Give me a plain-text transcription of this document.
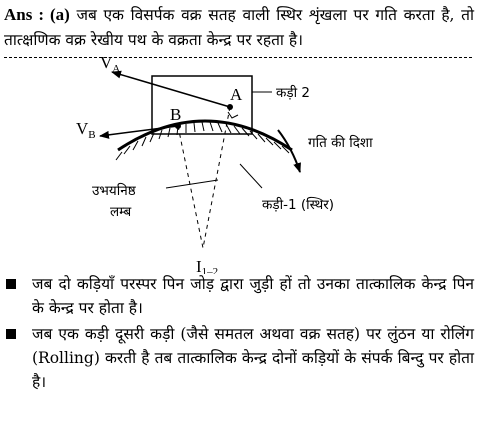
Ans : (a) जब एक विसर्पक वक्र सतह वाली स्थिर शृंखला पर गति करता है, तो तात्क्षणिक वक्र रेखीय पथ के वक्रता केन्द्र पर रहता है।

$V_A$
$V_B$
A
B
कड़ी 2
गति की दिशा
उभयनिष्ठ
लम्ब	कड़ी-1 (स्थिर)
I1–2
जब दो कड़ियाँ परस्पर पिन जोड़ द्वारा जुड़ी हों तो उनका तात्कालिक केन्द्र पिन के केन्द्र पर होता है।
जब एक कड़ी दूसरी कड़ी (जैसे समतल अथवा वक्र सतह) पर लुंठन या रोलिंग (Rolling) करती है तब तात्कालिक केन्द्र दोनों कड़ियों के संपर्क बिन्दु पर होता है।
